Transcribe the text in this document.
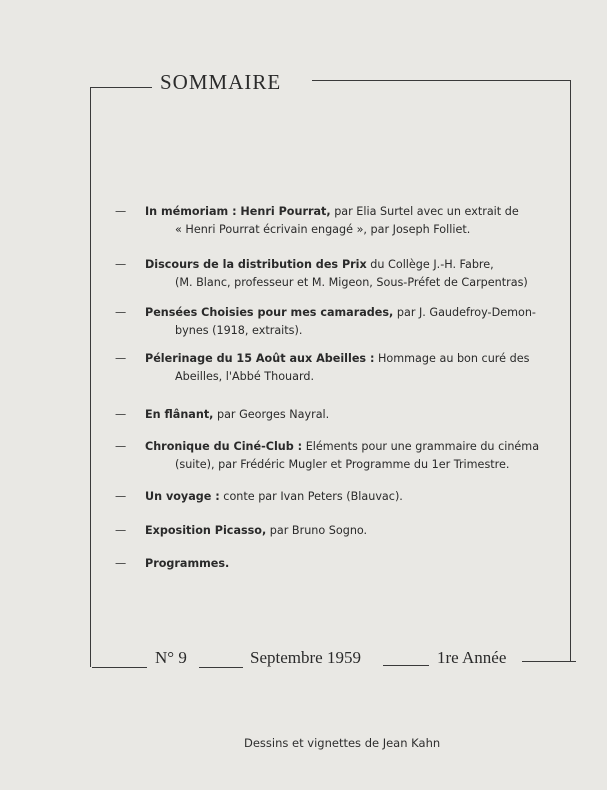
SOMMAIRE
—	In mémoriam : Henri Pourrat, par Elia Surtel avec un extrait de
« Henri Pourrat écrivain engagé », par Joseph Folliet.
—	Discours de la distribution des Prix du Collège J.-H. Fabre,
(M. Blanc, professeur et M. Migeon, Sous-Préfet de Carpentras)
—	Pensées Choisies pour mes camarades, par J. Gaudefroy-Demon-
bynes (1918, extraits).
—	Pélerinage du 15 Août aux Abeilles : Hommage au bon curé des
Abeilles, l'Abbé Thouard.
—	En flânant, par Georges Nayral.
—	Chronique du Ciné-Club : Eléments pour une grammaire du cinéma
(suite), par Frédéric Mugler et Programme du 1er Trimestre.
—	Un voyage : conte par Ivan Peters (Blauvac).
—	Exposition Picasso, par Bruno Sogno.
—	Programmes.
N° 9	Septembre 1959	1re Année
Dessins et vignettes de Jean Kahn
